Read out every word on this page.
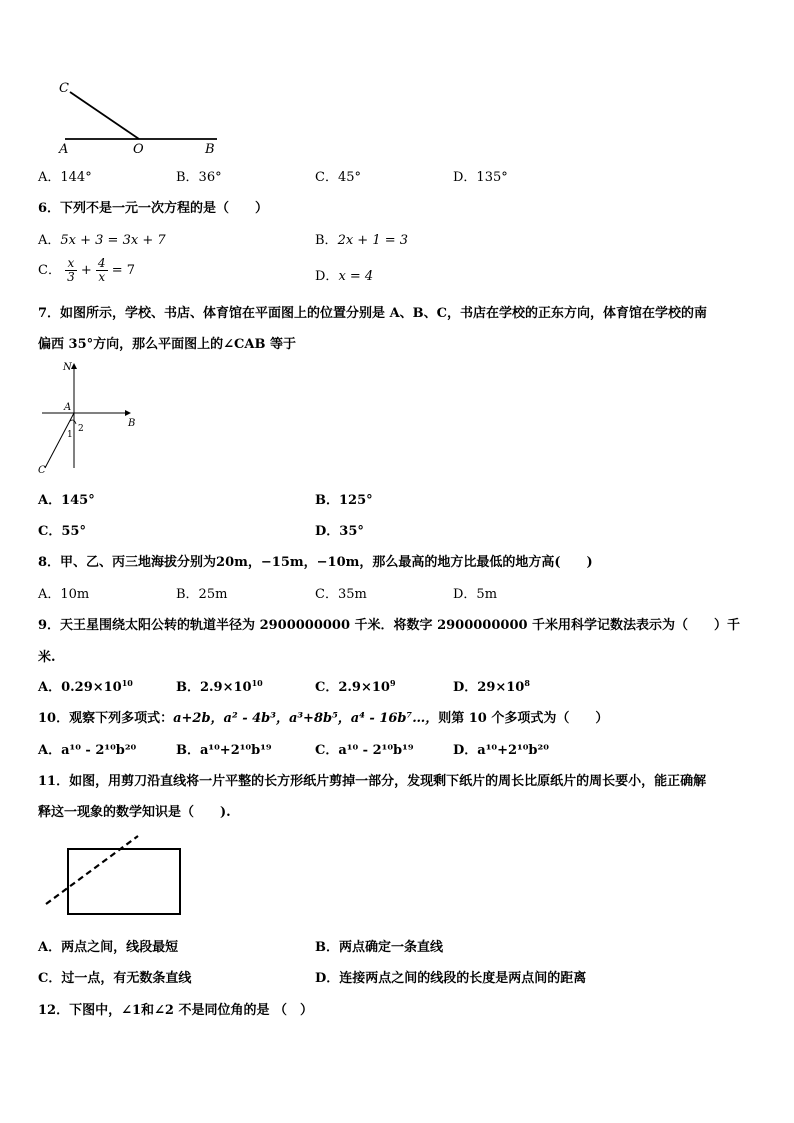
C
A	O	B
A．144°	B．36°	C．45°	D．135°
6．下列不是一元一次方程的是（　　）
A．5x + 3 = 3x + 7	B．2x + 1 = 3
C． $\frac{x}{3} + \frac{4}{x} = 7$	D．x = 4
7．如图所示，学校、书店、体育馆在平面图上的位置分别是 A、B、C，书店在学校的正东方向，体育馆在学校的南
偏西 35°方向，那么平面图上的∠CAB 等于
N
A
B
C
1
2
A．145°	B．125°
C．55°	D．35°
8．甲、乙、丙三地海拔分别为20m，−15m，−10m，那么最高的地方比最低的地方高(　　)
A．10m	B．25m	C．35m	D．5m
9．天王星围绕太阳公转的轨道半径为 2900000000 千米．将数字 2900000000 千米用科学记数法表示为（　　）千
米.
A．$0.29\times 10^{10}$	B．$2.9\times 10^{10}$	C．$2.9\times 10^9$	D．$29\times 10^8$
10．观察下列多项式：a+2b，a² - 4b³，a³+8b⁵，a⁴ - 16b⁷…，则第 10 个多项式为（　　）
A．a¹⁰ - 2¹⁰b²⁰	B．a¹⁰+2¹⁰b¹⁹	C．a¹⁰ - 2¹⁰b¹⁹	D．a¹⁰+2¹⁰b²⁰
11．如图，用剪刀沿直线将一片平整的长方形纸片剪掉一部分，发现剩下纸片的周长比原纸片的周长要小，能正确解
释这一现象的数学知识是（　　).
A．两点之间，线段最短	B．两点确定一条直线
C．过一点，有无数条直线	D．连接两点之间的线段的长度是两点间的距离
12．下图中，∠1和∠2 不是同位角的是 （　）
